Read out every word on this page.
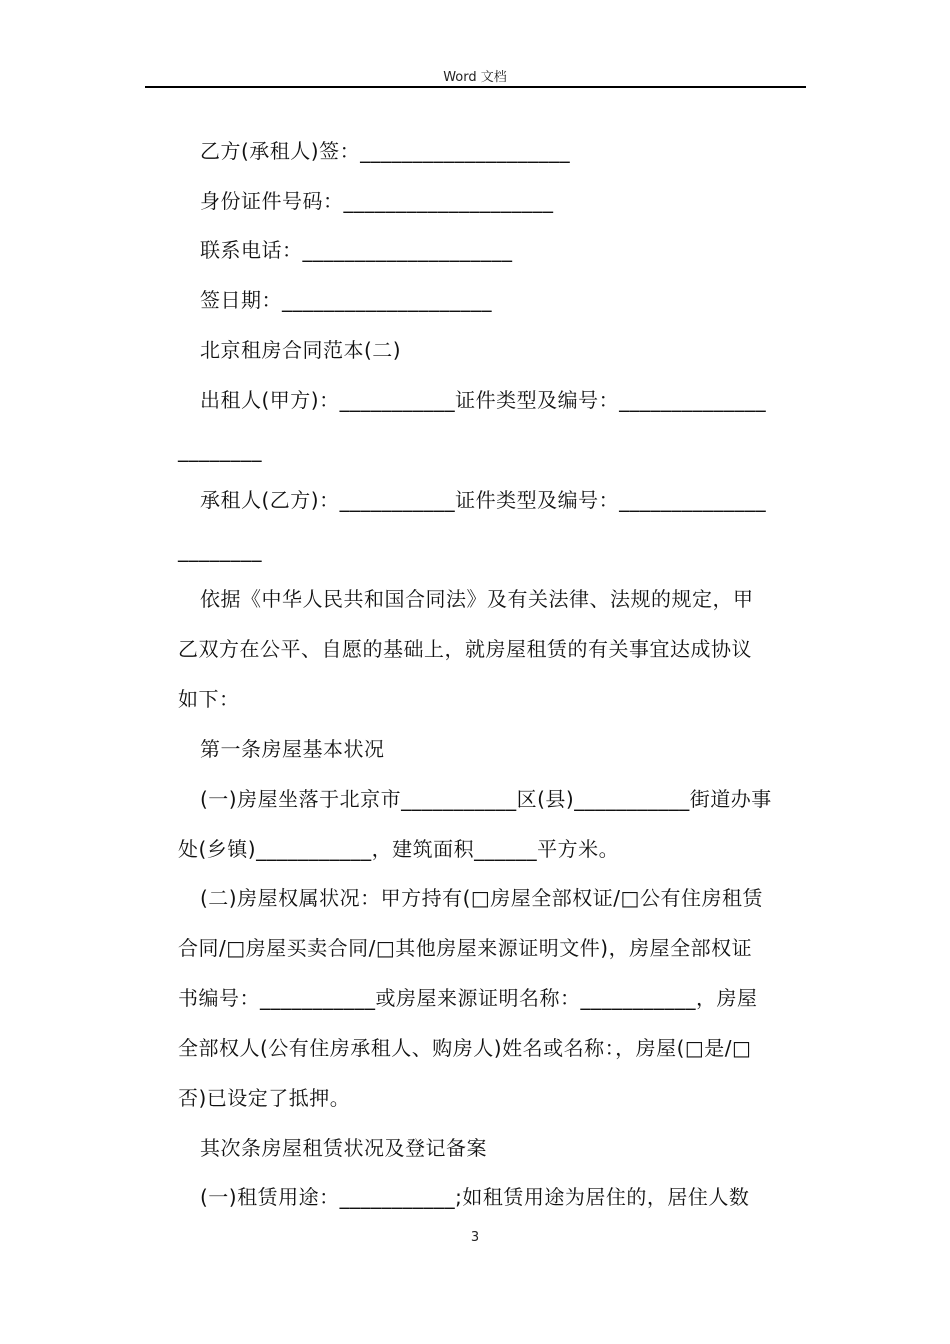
Word 文档
乙方(承租人)签：____________________
身份证件号码：____________________
联系电话：____________________
签日期：____________________
北京租房合同范本(二)
出租人(甲方)：___________证件类型及编号：______________
________
承租人(乙方)：___________证件类型及编号：______________
________
依据《中华人民共和国合同法》及有关法律、法规的规定，甲
乙双方在公平、自愿的基础上，就房屋租赁的有关事宜达成协议
如下：
第一条房屋基本状况
(一)房屋坐落于北京市___________区(县)___________街道办事
处(乡镇)___________，建筑面积______平方米。
(二)房屋权属状况：甲方持有(□房屋全部权证/□公有住房租赁
合同/□房屋买卖合同/□其他房屋来源证明文件)，房屋全部权证
书编号：___________或房屋来源证明名称：___________，房屋
全部权人(公有住房承租人、购房人)姓名或名称：，房屋(□是/□
否)已设定了抵押。
其次条房屋租赁状况及登记备案
(一)租赁用途：___________;如租赁用途为居住的，居住人数
3
